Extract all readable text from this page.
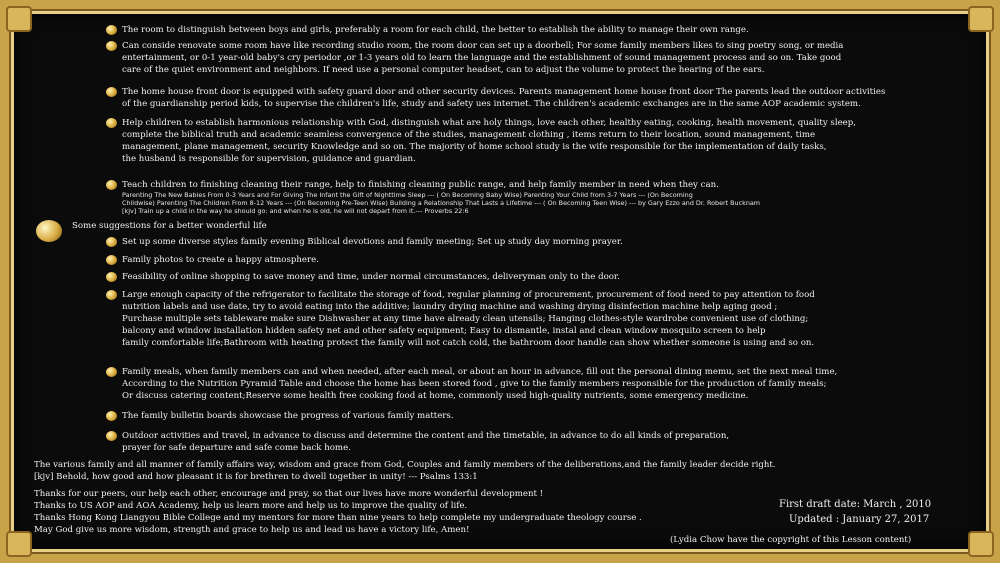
The room to distinguish between boys and girls, preferably a room for each child, the better to establish the ability to manage their own range.
Can conside renovate some room have like recording studio room, the room door can set up a doorbell; For some family members likes to sing poetry song, or media
entertainment, or 0-1 year-old baby's cry periodor ,or 1-3 years old to learn the language and the establishment of sound management process and so on. Take good
care of the quiet environment and neighbors. If need use a personal computer headset, can to adjust the volume to protect the hearing of the ears.
The home house front door is equipped with safety guard door and other security devices. Parents management home house front door The parents lead the outdoor activities
of the guardianship period kids, to supervise the children's life, study and safety ues internet. The children's academic exchanges are in the same AOP academic system.
Help children to establish harmonious relationship with God, distinguish what are holy things, love each other, healthy eating, cooking, health movement, quality sleep,
complete the biblical truth and academic seamless convergence of the studies, management clothing , items return to their location, sound management, time
management, plane management, security Knowledge and so on. The majority of home school study is the wife responsible for the implementation of daily tasks,
the husband is responsible for supervision, guidance and guardian.
Teach children to finishing cleaning their range, help to finishing cleaning public range, and help family member in need when they can.
Parenting The New Babies From 0-3 Years and For Giving The Infant the Gift of Nighttime Sleep --- ( On Becoming Baby Wise) Parenting Your Child from 3-7 Years --- (On Becoming
Childwise) Parenting The Children From 8-12 Years --- (On Becoming Pre-Teen Wise) Building a Relationship That Lasts a Lifetime --- ( On Becoming Teen Wise) --- by Gary Ezzo and Dr. Robert Bucknam
[kjv] Train up a child in the way he should go: and when he is old, he will not depart from it.--- Proverbs 22:6
Some suggestions for a better wonderful life
Set up some diverse styles family evening Biblical devotions and family meeting; Set up study day morning prayer.
Family photos to create a happy atmosphere.
Feasibility of online shopping to save money and time, under normal circumstances, deliveryman only to the door.
Large enough capacity of the refrigerator to facilitate the storage of food, regular planning of procurement, procurement of food need to pay attention to food
nutrition labels and use date, try to avoid eating into the additive; laundry drying machine and washing drying disinfection machine help aging good ;
Purchase multiple sets tableware make sure Dishwasher at any time have already clean utensils; Hanging clothes-style wardrobe convenient use of clothing;
balcony and window installation hidden safety net and other safety equipment; Easy to dismantle, instal and clean window mosquito screen to help
family comfortable life;Bathroom with heating protect the family will not catch cold, the bathroom door handle can show whether someone is using and so on.
Family meals, when family members can and when needed, after each meal, or about an hour in advance, fill out the personal dining memu, set the next meal time,
According to the Nutrition Pyramid Table and choose the home has been stored food , give to the family members responsible for the production of family meals;
Or discuss catering content;Reserve some health free cooking food at home, commonly used high-quality nutrients, some emergency medicine.
The family bulletin boards showcase the progress of various family matters.
Outdoor activities and travel, in advance to discuss and determine the content and the timetable, in advance to do all kinds of preparation,
prayer for safe departure and safe come back home.
The various family and all manner of family affairs way, wisdom and grace from God, Couples and family members of the deliberations,and the family leader decide right.
[kjv] Behold, how good and how pleasant it is for brethren to dwell together in unity! --- Psalms 133:1
Thanks for our peers, our help each other, encourage and pray, so that our lives have more wonderful development !
Thanks to US AOP and AOA Academy, help us learn more and help us to improve the quality of life.
Thanks Hong Kong Liangyou Bible College and my mentors for more than nine years to help complete my undergraduate theology course .
May God give us more wisdom, strength and grace to help us and lead us have a victory life, Amen!
First draft date: March , 2010
Updated : January 27, 2017
(Lydia Chow have the copyright of this Lesson content)
